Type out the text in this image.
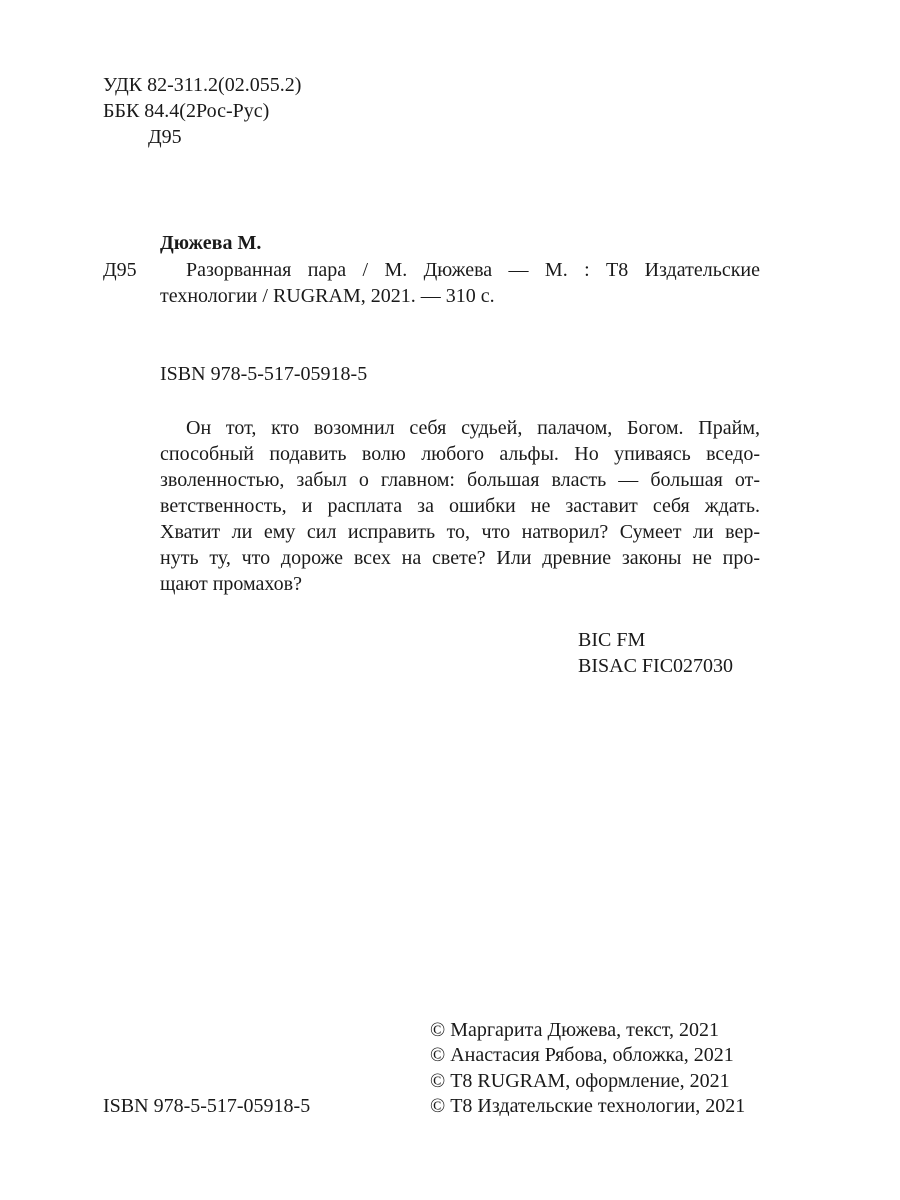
УДК 82-311.2(02.055.2)
ББК 84.4(2Рос-Рус)
Д95
Дюжева М.
Д95 Разорванная пара / М. Дюжева — М. : Т8 Издательские
технологии / RUGRAM, 2021. — 310 с.
ISBN 978-5-517-05918-5
Он тот, кто возомнил себя судьей, палачом, Богом. Прайм,
способный подавить волю любого альфы. Но упиваясь вседо-
зволенностью, забыл о главном: большая власть — большая от-
ветственность, и расплата за ошибки не заставит себя ждать.
Хватит ли ему сил исправить то, что натворил? Сумеет ли вер-
нуть ту, что дороже всех на свете? Или древние законы не про-
щают промахов?
BIC FM
BISAC FIC027030
© Маргарита Дюжева, текст, 2021
© Анастасия Рябова, обложка, 2021
© Т8 RUGRAM, оформление, 2021
© Т8 Издательские технологии, 2021
ISBN 978-5-517-05918-5
